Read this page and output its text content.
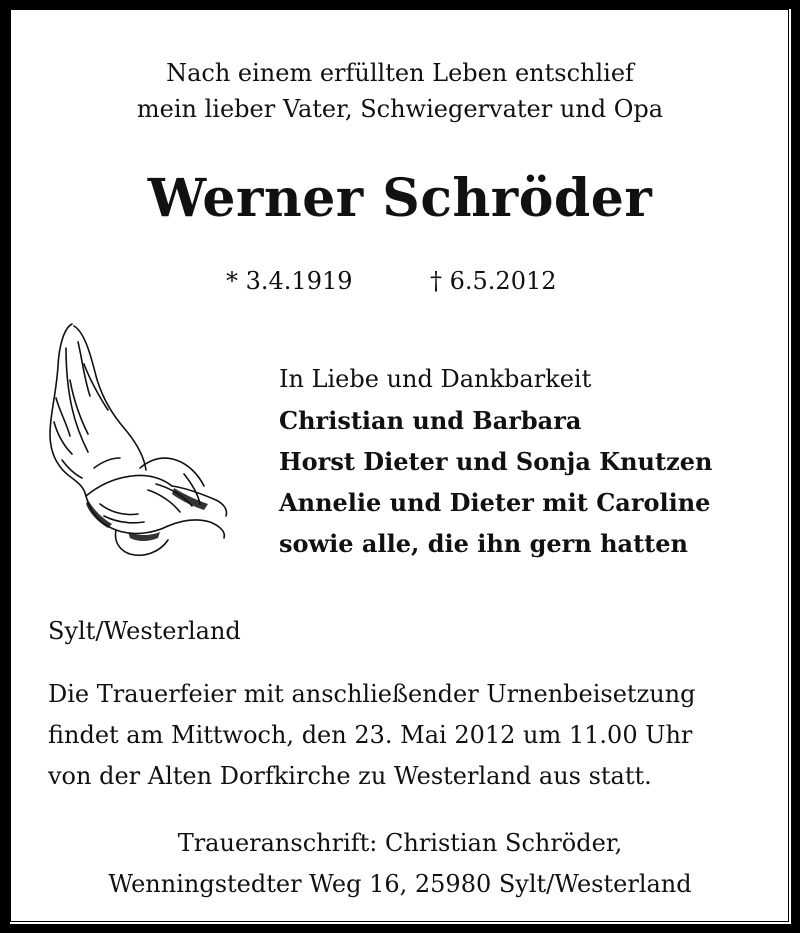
Nach einem erfüllten Leben entschlief
mein lieber Vater, Schwiegervater und Opa
Werner Schröder
* 3.4.1919	† 6.5.2012
In Liebe und Dankbarkeit
Christian und Barbara
Horst Dieter und Sonja Knutzen
Annelie und Dieter mit Caroline
sowie alle, die ihn gern hatten
Sylt/Westerland
Die Trauerfeier mit anschließender Urnenbeisetzung
findet am Mittwoch, den 23. Mai 2012 um 11.00 Uhr
von der Alten Dorfkirche zu Westerland aus statt.
Traueranschrift: Christian Schröder,
Wenningstedter Weg 16, 25980 Sylt/Westerland
